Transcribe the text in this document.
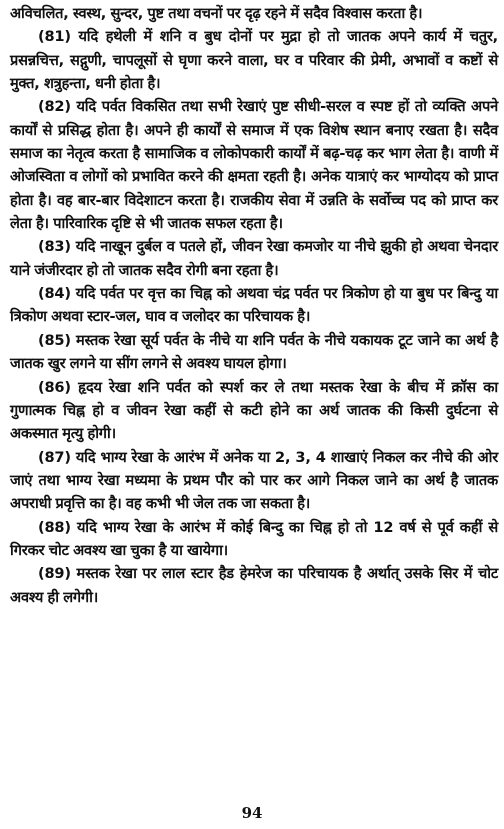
अविचलित, स्वस्थ, सुन्दर, पुष्ट तथा वचनों पर दृढ़ रहने में सदैव विश्वास करता है।

(81) यदि हथेली में शनि व बुध दोनों पर मुद्रा हो तो जातक अपने कार्य में चतुर, प्रसन्नचित्त, सद्गुणी, चापलूसों से घृणा करने वाला, घर व परिवार की प्रेमी, अभावों व कष्टों से मुक्त, शत्रुहन्ता, धनी होता है।

(82) यदि पर्वत विकसित तथा सभी रेखाएं पुष्ट सीधी-सरल व स्पष्ट हों तो व्यक्ति अपने कार्यों से प्रसिद्ध होता है। अपने ही कार्यों से समाज में एक विशेष स्थान बनाए रखता है। सदैव समाज का नेतृत्व करता है सामाजिक व लोकोपकारी कार्यों में बढ़-चढ़ कर भाग लेता है। वाणी में ओजस्विता व लोगों को प्रभावित करने की क्षमता रहती है। अनेक यात्राएं कर भाग्योदय को प्राप्त होता है। वह बार-बार विदेशाटन करता है। राजकीय सेवा में उन्नति के सर्वोच्च पद को प्राप्त कर लेता है। पारिवारिक दृष्टि से भी जातक सफल रहता है।

(83) यदि नाखून दुर्बल व पतले हों, जीवन रेखा कमजोर या नीचे झुकी हो अथवा चेनदार याने जंजीरदार हो तो जातक सदैव रोगी बना रहता है।

(84) यदि पर्वत पर वृत्त का चिह्न को अथवा चंद्र पर्वत पर त्रिकोण हो या बुध पर बिन्दु या त्रिकोण अथवा स्टार-जल, घाव व जलोदर का परिचायक है।

(85) मस्तक रेखा सूर्य पर्वत के नीचे या शनि पर्वत के नीचे यकायक टूट जाने का अर्थ है जातक खुर लगने या सींग लगने से अवश्य घायल होगा।

(86) हृदय रेखा शनि पर्वत को स्पर्श कर ले तथा मस्तक रेखा के बीच में क्रॉस का गुणात्मक चिह्न हो व जीवन रेखा कहीं से कटी होने का अर्थ जातक की किसी दुर्घटना से अकस्मात मृत्यु होगी।

(87) यदि भाग्य रेखा के आरंभ में अनेक या 2, 3, 4 शाखाएं निकल कर नीचे की ओर जाएं तथा भाग्य रेखा मध्यमा के प्रथम पौर को पार कर आगे निकल जाने का अर्थ है जातक अपराधी प्रवृत्ति का है। वह कभी भी जेल तक जा सकता है।

(88) यदि भाग्य रेखा के आरंभ में कोई बिन्दु का चिह्न हो तो 12 वर्ष से पूर्व कहीं से गिरकर चोट अवश्य खा चुका है या खायेगा।

(89) मस्तक रेखा पर लाल स्टार हैड हेमरेज का परिचायक है अर्थात् उसके सिर में चोट अवश्य ही लगेगी।

94
